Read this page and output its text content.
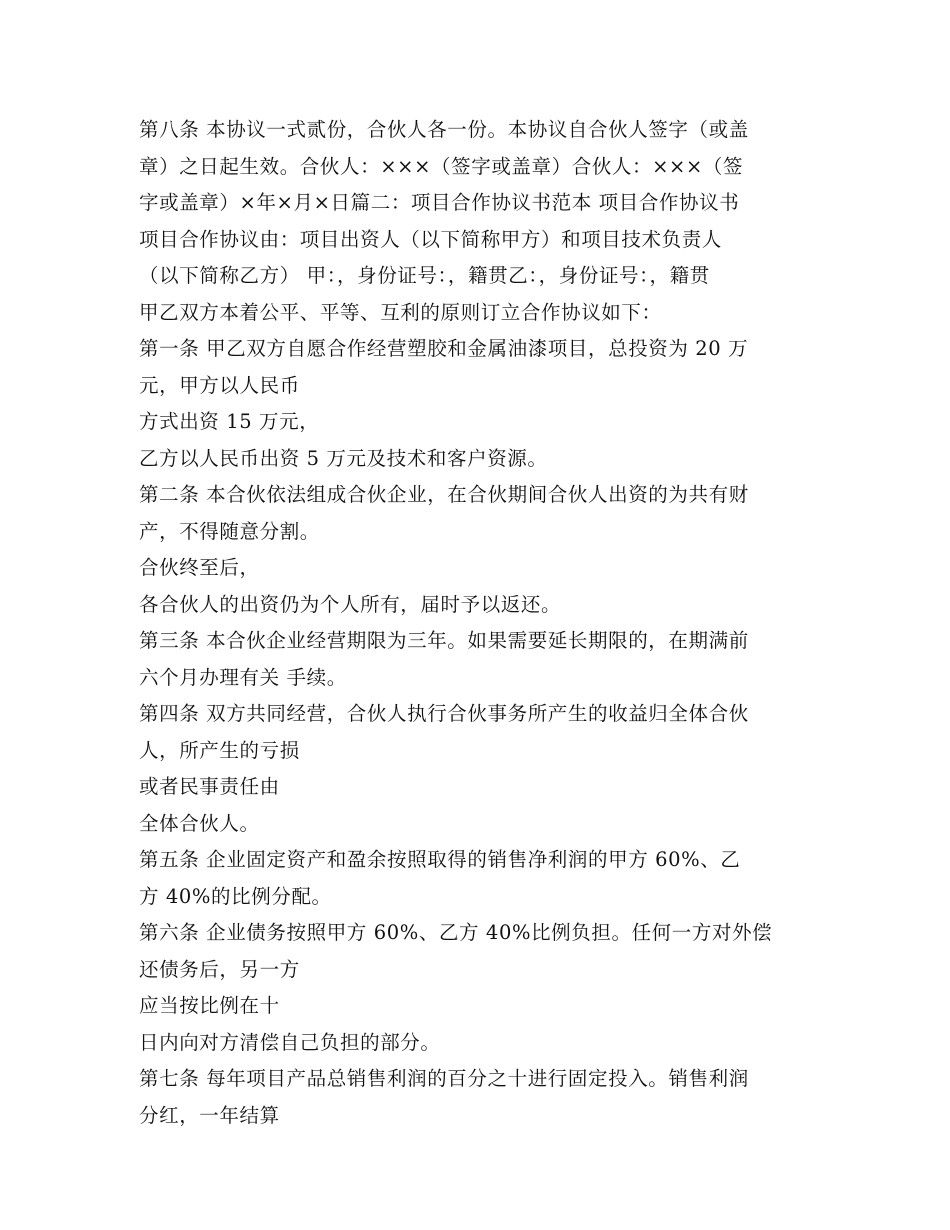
第八条 本协议一式贰份，合伙人各一份。本协议自合伙人签字（或盖
章）之日起生效。合伙人：×××（签字或盖章）合伙人：×××（签
字或盖章）×年×月×日篇二：项目合作协议书范本 项目合作协议书
项目合作协议由：项目出资人（以下简称甲方）和项目技术负责人
（以下简称乙方） 甲：，身份证号：，籍贯乙：，身份证号：，籍贯
甲乙双方本着公平、平等、互利的原则订立合作协议如下：
第一条 甲乙双方自愿合作经营塑胶和金属油漆项目，总投资为 20 万
元，甲方以人民币
方式出资 15 万元，
乙方以人民币出资 5 万元及技术和客户资源。
第二条 本合伙依法组成合伙企业，在合伙期间合伙人出资的为共有财
产，不得随意分割。
合伙终至后，
各合伙人的出资仍为个人所有，届时予以返还。
第三条 本合伙企业经营期限为三年。如果需要延长期限的，在期满前
六个月办理有关 手续。
第四条 双方共同经营，合伙人执行合伙事务所产生的收益归全体合伙
人，所产生的亏损
或者民事责任由
全体合伙人。
第五条 企业固定资产和盈余按照取得的销售净利润的甲方 60%、乙
方 40%的比例分配。
第六条 企业债务按照甲方 60%、乙方 40%比例负担。任何一方对外偿
还债务后，另一方
应当按比例在十
日内向对方清偿自己负担的部分。
第七条 每年项目产品总销售利润的百分之十进行固定投入。销售利润
分红，一年结算
